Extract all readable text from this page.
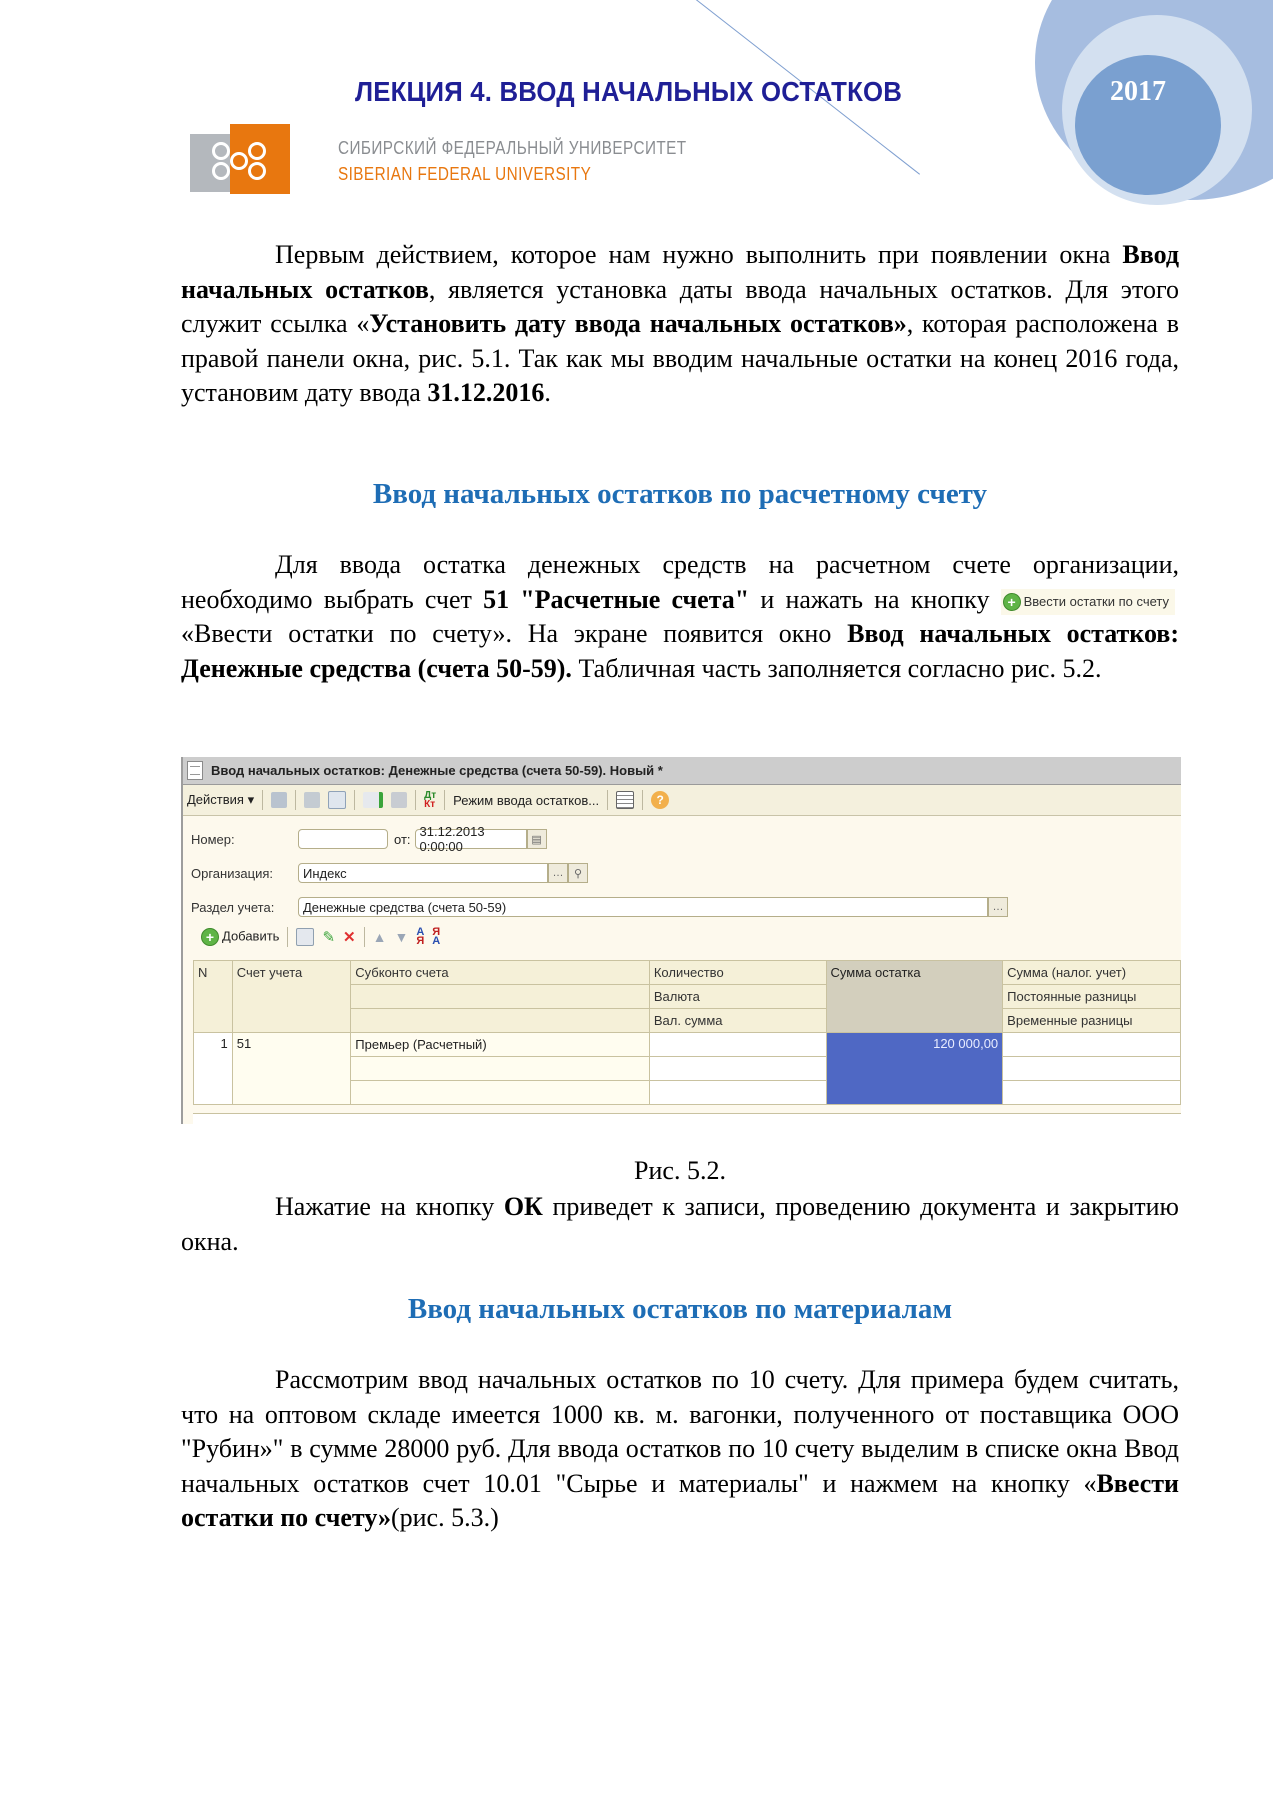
2017
ЛЕКЦИЯ 4. ВВОД НАЧАЛЬНЫХ ОСТАТКОВ
СИБИРСКИЙ ФЕДЕРАЛЬНЫЙ УНИВЕРСИТЕТ
SIBERIAN FEDERAL UNIVERSITY
Первым действием, которое нам нужно выполнить при появлении окна Ввод начальных остатков, является установка даты ввода начальных остатков. Для этого служит ссылка «Установить дату ввода начальных остатков», которая расположена в правой панели окна, рис. 5.1. Так как мы вводим начальные остатки на конец 2016 года, установим дату ввода 31.12.2016.
Ввод начальных остатков по расчетному счету
Для ввода остатка денежных средств на расчетном счете организации, необходимо выбрать счет 51 "Расчетные счета" и нажать на кнопку + Ввести остатки по счету«Ввести остатки по счету». На экране появится окно Ввод начальных остатков: Денежные средства (счета 50-59). Табличная часть заполняется согласно рис. 5.2.
Ввод начальных остатков: Денежные средства (счета 50-59). Новый *
Действия ▾	Дт
Кт Режим ввода остатков...	?
Номер:	от: 31.12.2013 0:00:00	▤
Организация:	Индекс	… ⚲
Раздел учета:	Денежные средства (счета 50-59)	…
+ Добавить	✎ ✕ ▲ ▼ А
Я
Я
А
N	Счет учета	Субконто счета	Количество	Сумма остатка	Сумма (налог. учет)
			Валюта		Постоянные разницы
			Вал. сумма		Временные разницы
1	51	Премьер (Расчетный)		120 000,00	

Рис. 5.2.
Нажатие на кнопку ОК приведет к записи, проведению документа и закрытию окна.
Ввод начальных остатков по материалам
Рассмотрим ввод начальных остатков по 10 счету. Для примера будем считать, что на оптовом складе имеется 1000 кв. м. вагонки, полученного от поставщика ООО "Рубин»" в сумме 28000 руб. Для ввода остатков по 10 счету выделим в списке окна Ввод начальных остатков счет 10.01 "Сырье и материалы" и нажмем на кнопку «Ввести остатки по счету»(рис. 5.3.)
